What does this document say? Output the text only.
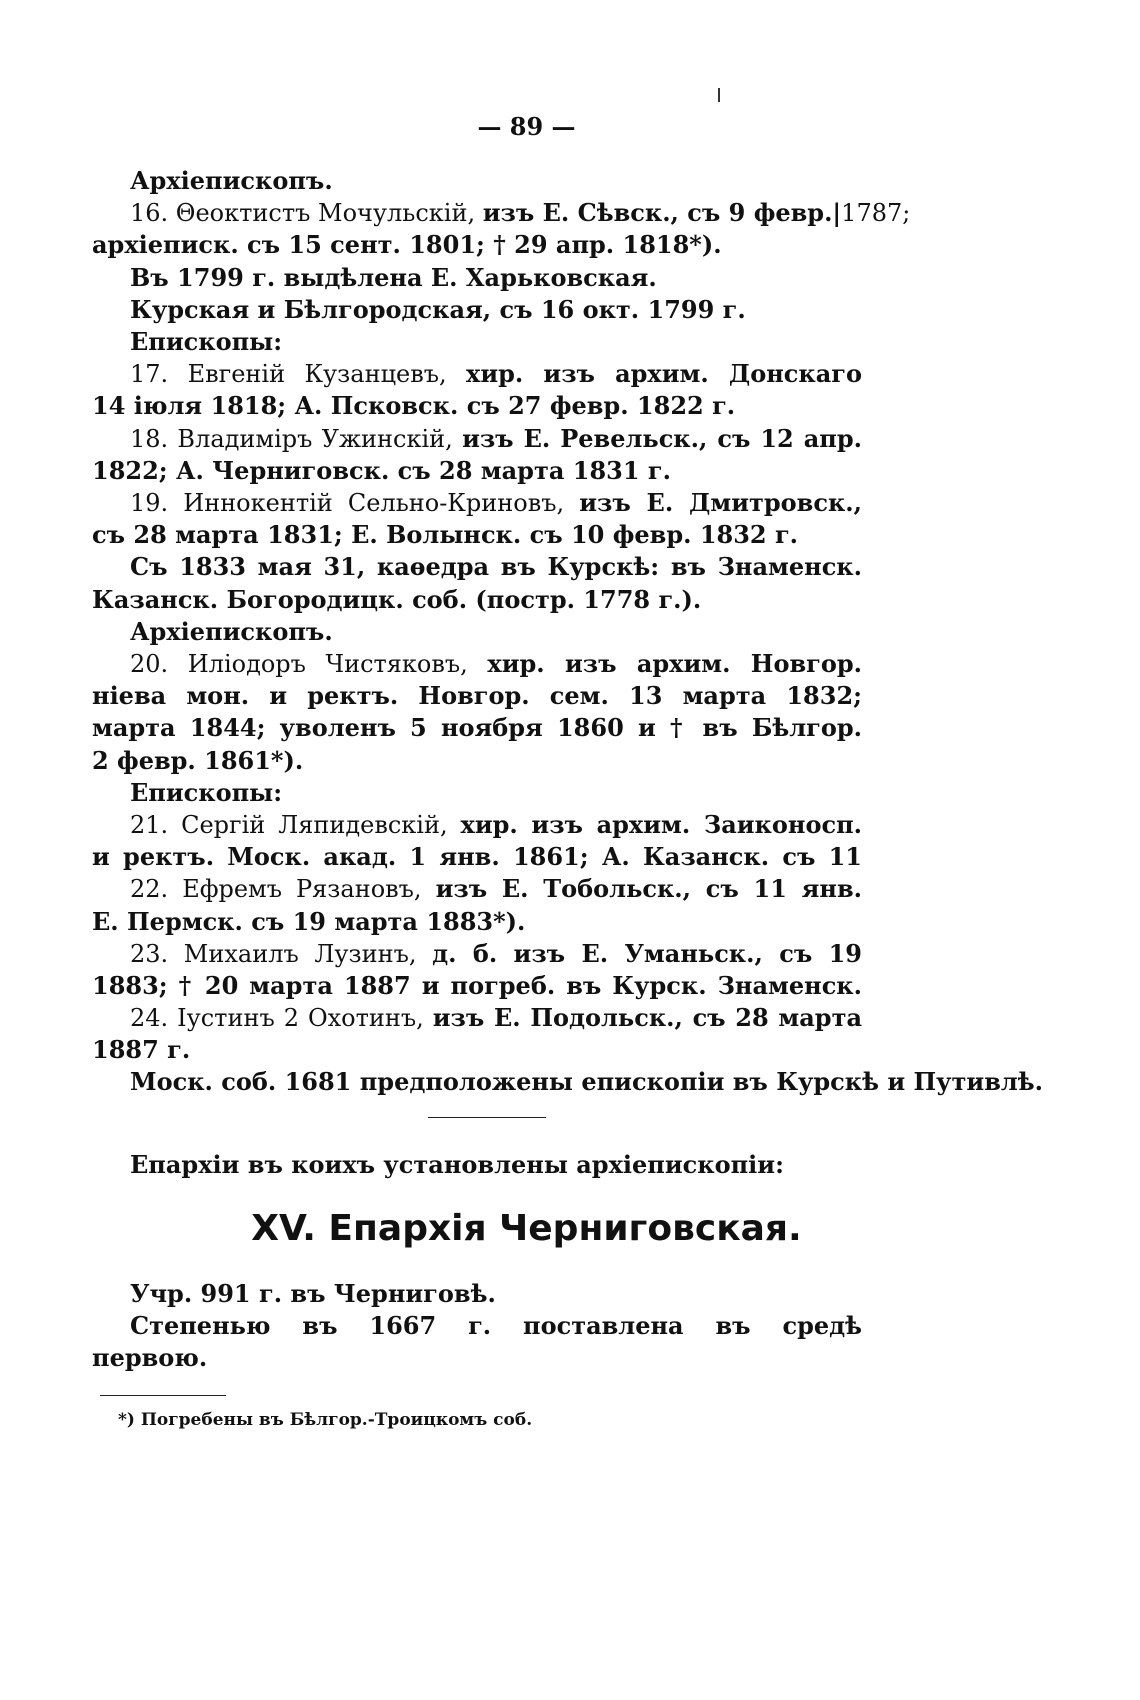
— 89 —
Архіепископъ.
16. Θеоктистъ Мочульскій, изъ Е. Сѣвск., съ 9 февр.|1787;
архіеписк. съ 15 сент. 1801; † 29 апр. 1818*).
Въ 1799 г. выдѣлена Е. Харьковская.
Курская и Бѣлгородская, съ 16 окт. 1799 г.
Епископы:
17. Евгеній Кузанцевъ, хир. изъ архим. Донскаго
14 іюля 1818; А. Псковск. съ 27 февр. 1822 г.
18. Владиміръ Ужинскій, изъ Е. Ревельск., съ 12 апр.
1822; А. Черниговск. съ 28 марта 1831 г.
19. Иннокентій Сельно-Криновъ, изъ Е. Дмитровск.,
съ 28 марта 1831; Е. Волынск. съ 10 февр. 1832 г.
Съ 1833 мая 31, каѳедра въ Курскѣ: въ Знаменск.
Казанск. Богородицк. соб. (постр. 1778 г.).
Архіепископъ.
20. Иліодоръ Чистяковъ, хир. изъ архим. Новгор.
ніева мон. и ректъ. Новгор. сем. 13 марта 1832;
марта 1844; уволенъ 5 ноября 1860 и † въ Бѣлгор.
2 февр. 1861*).
Епископы:
21. Сергій Ляпидевскій, хир. изъ архим. Заиконосп.
и ректъ. Моск. акад. 1 янв. 1861; А. Казанск. съ 11
22. Ефремъ Рязановъ, изъ Е. Тобольск., съ 11 янв.
Е. Пермск. съ 19 марта 1883*).
23. Михаилъ Лузинъ, д. б. изъ Е. Уманьск., съ 19
1883; † 20 марта 1887 и погреб. въ Курск. Знаменск.
24. Іустинъ 2 Охотинъ, изъ Е. Подольск., съ 28 марта
1887 г.
Моск. соб. 1681 предположены епископіи въ Курскѣ и Путивлѣ.
Епархіи въ коихъ установлены архіепископіи:
XV. Епархія Черниговская.
Учр. 991 г. въ Черниговѣ.
Степенью въ 1667 г. поставлена въ средѣ
первою.
*) Погребены въ Бѣлгор.-Троицкомъ соб.
